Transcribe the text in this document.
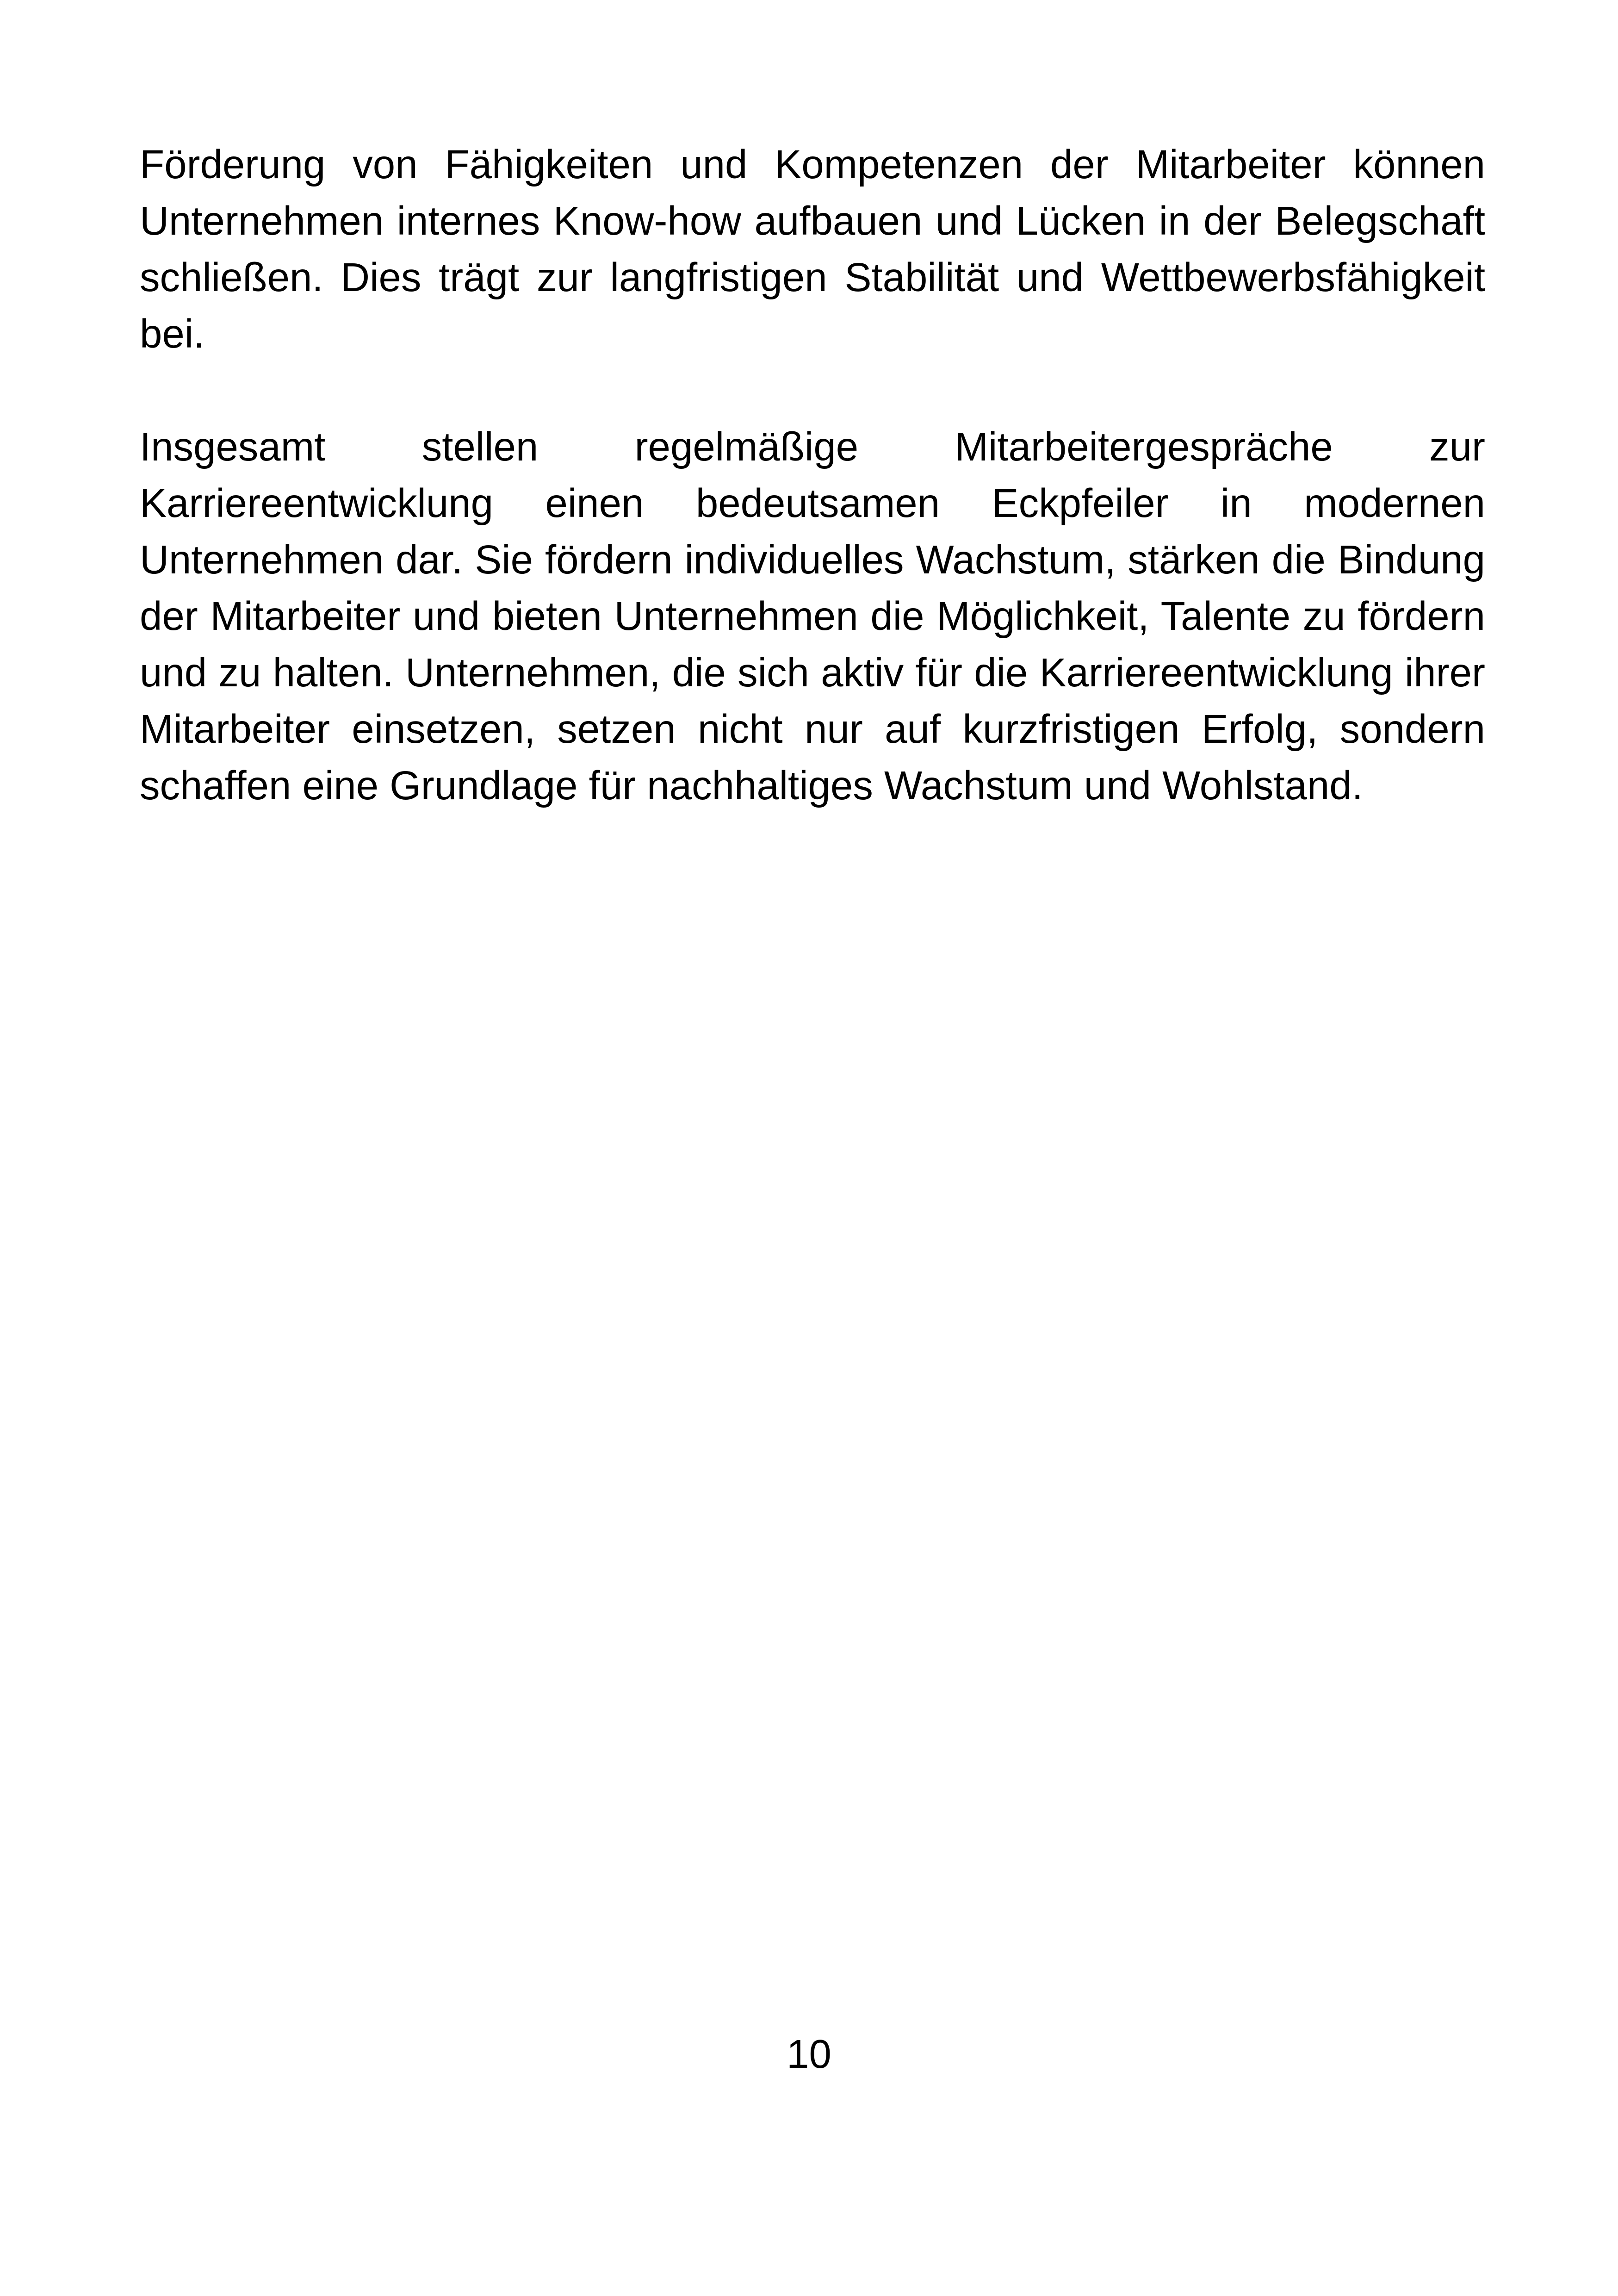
Förderung von Fähigkeiten und Kompetenzen der Mitarbeiter können Unternehmen internes Know-how aufbauen und Lücken in der Belegschaft schließen. Dies trägt zur langfristigen Stabilität und Wettbewerbsfähigkeit bei.

Insgesamt stellen regelmäßige Mitarbeitergespräche zur Karriereentwicklung einen bedeutsamen Eckpfeiler in modernen Unternehmen dar. Sie fördern individuelles Wachstum, stärken die Bindung der Mitarbeiter und bieten Unternehmen die Möglichkeit, Talente zu fördern und zu halten. Unternehmen, die sich aktiv für die Karriereentwicklung ihrer Mitarbeiter einsetzen, setzen nicht nur auf kurzfristigen Erfolg, sondern schaffen eine Grundlage für nachhaltiges Wachstum und Wohlstand.

10
